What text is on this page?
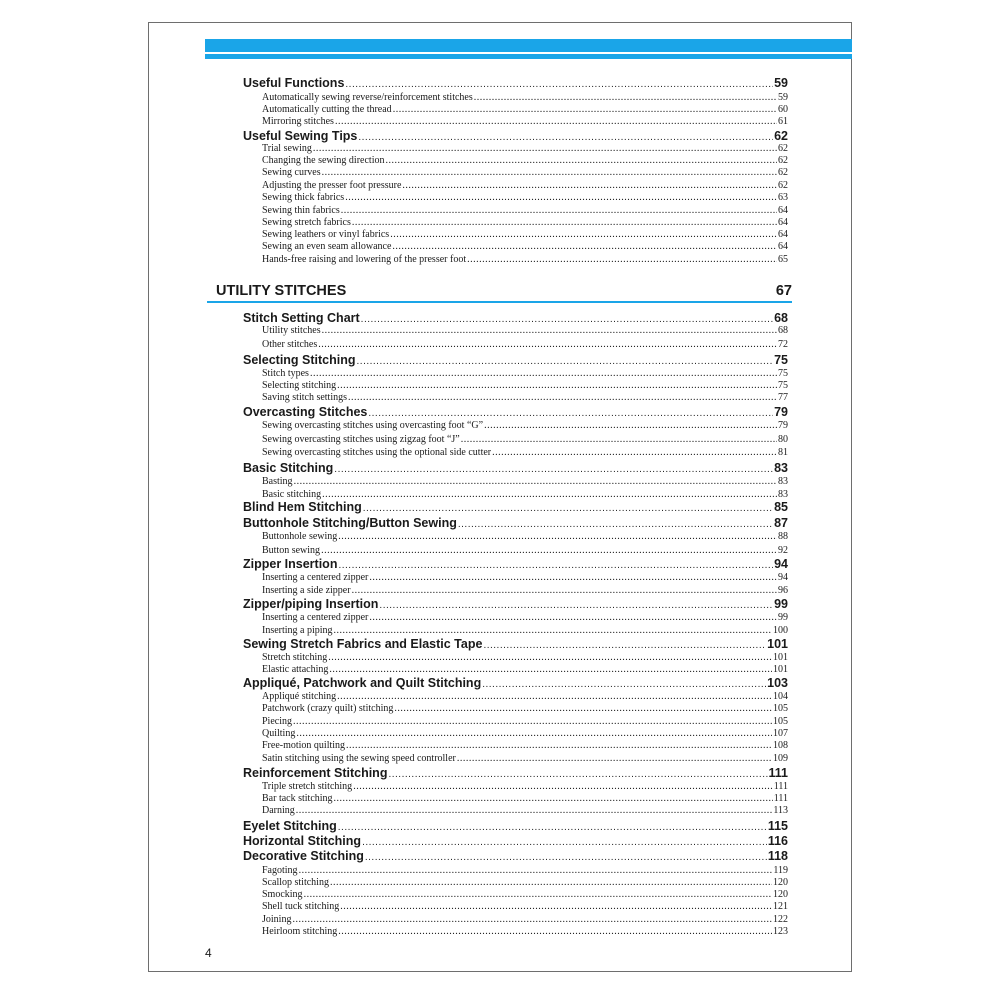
Useful Functions .....	59
Automatically sewing reverse/reinforcement stitches .....	59
Automatically cutting the thread .....	60
Mirroring stitches .....	61
Useful Sewing Tips .....	62
Trial sewing .....	62
Changing the sewing direction .....	62
Sewing curves .....	62
Adjusting the presser foot pressure .....	62
Sewing thick fabrics .....	63
Sewing thin fabrics .....	64
Sewing stretch fabrics .....	64
Sewing leathers or vinyl fabrics .....	64
Sewing an even seam allowance .....	64
Hands-free raising and lowering of the presser foot .....	65
UTILITY STITCHES	67
Stitch Setting Chart .....	68
Utility stitches .....	68
Other stitches .....	72
Selecting Stitching .....	75
Stitch types .....	75
Selecting stitching .....	75
Saving stitch settings .....	77
Overcasting Stitches .....	79
Sewing overcasting stitches using overcasting foot “G” .....	79
Sewing overcasting stitches using zigzag foot “J” .....	80
Sewing overcasting stitches using the optional side cutter .....	81
Basic Stitching .....	83
Basting .....	83
Basic stitching .....	83
Blind Hem Stitching .....	85
Buttonhole Stitching/Button Sewing .....	87
Buttonhole sewing .....	88
Button sewing .....	92
Zipper Insertion .....	94
Inserting a centered zipper .....	94
Inserting a side zipper .....	96
Zipper/piping Insertion .....	99
Inserting a centered zipper .....	99
Inserting a piping .....	100
Sewing Stretch Fabrics and Elastic Tape .....	101
Stretch stitching .....	101
Elastic attaching .....	101
Appliqué, Patchwork and Quilt Stitching .....	103
Appliqué stitching .....	104
Patchwork (crazy quilt) stitching .....	105
Piecing .....	105
Quilting .....	107
Free-motion quilting .....	108
Satin stitching using the sewing speed controller .....	109
Reinforcement Stitching .....	111
Triple stretch stitching .....	111
Bar tack stitching .....	111
Darning .....	113
Eyelet Stitching .....	115
Horizontal Stitching .....	116
Decorative Stitching .....	118
Fagoting .....	119
Scallop stitching .....	120
Smocking .....	120
Shell tuck stitching .....	121
Joining .....	122
Heirloom stitching .....	123
4
